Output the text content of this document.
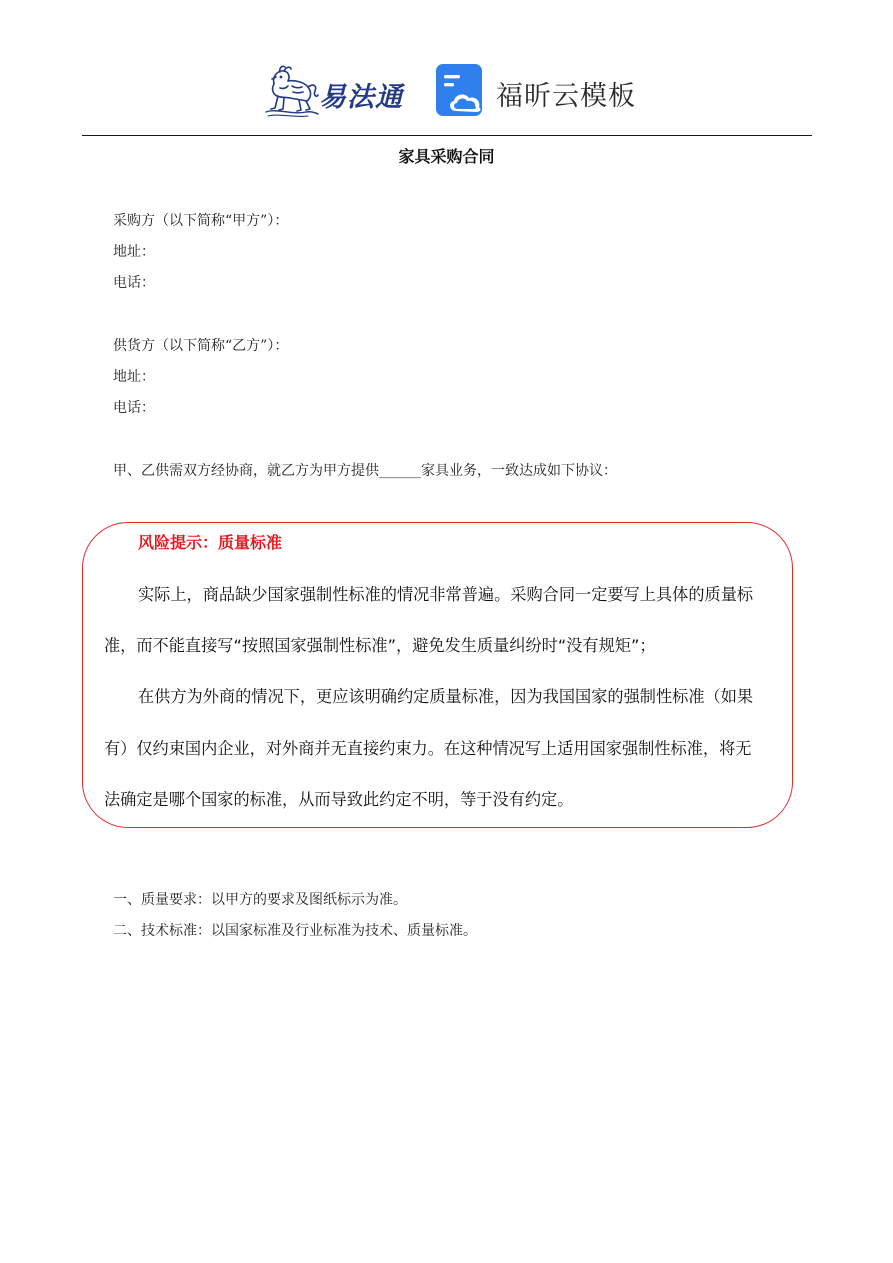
易法通	福昕云模板
家具采购合同

采购方（以下简称“甲方”）：

地址：

电话：

供货方（以下简称“乙方”）：

地址：

电话：

甲、乙供需双方经协商，就乙方为甲方提供______家具业务，一致达成如下协议：

风险提示：质量标准

实际上，商品缺少国家强制性标准的情况非常普遍。采购合同一定要写上具体的质量标

准，而不能直接写“按照国家强制性标准”，避免发生质量纠纷时“没有规矩”；

在供方为外商的情况下，更应该明确约定质量标准，因为我国国家的强制性标准（如果

有）仅约束国内企业，对外商并无直接约束力。在这种情况写上适用国家强制性标准，将无

法确定是哪个国家的标准，从而导致此约定不明，等于没有约定。

一、质量要求：以甲方的要求及图纸标示为准。

二、技术标准：以国家标准及行业标准为技术、质量标准。
